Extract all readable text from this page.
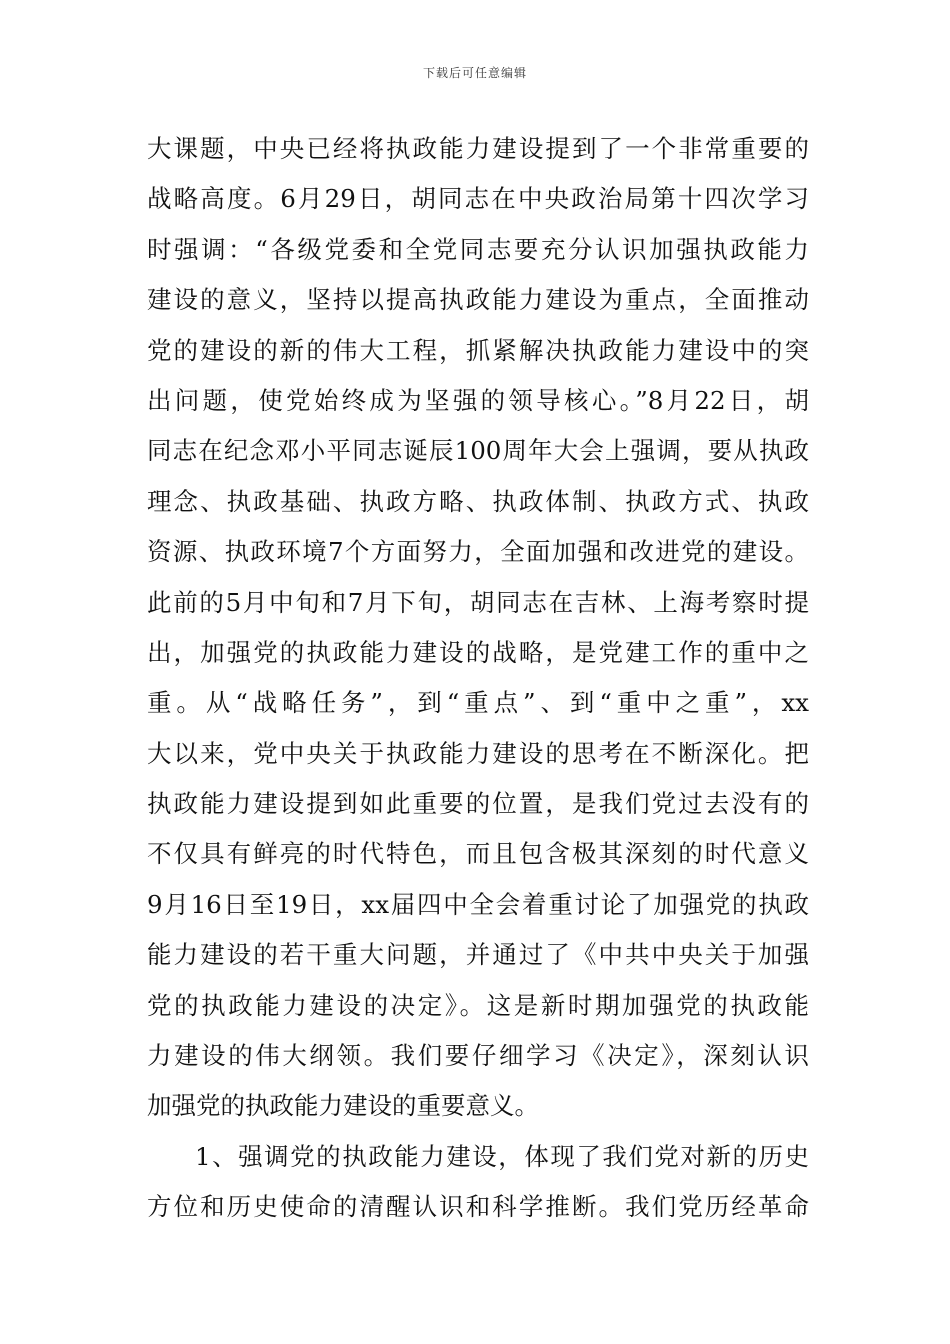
下载后可任意编辑
大课题，中央已经将执政能力建设提到了一个非常重要的
战略高度。6月29日，胡同志在中央政治局第十四次学习
时强调：“各级党委和全党同志要充分认识加强执政能力
建设的意义，坚持以提高执政能力建设为重点，全面推动
党的建设的新的伟大工程，抓紧解决执政能力建设中的突
出问题，使党始终成为坚强的领导核心。”8月22日，胡
同志在纪念邓小平同志诞辰100周年大会上强调，要从执政
理念、执政基础、执政方略、执政体制、执政方式、执政
资源、执政环境7个方面努力，全面加强和改进党的建设。
此前的5月中旬和7月下旬，胡同志在吉林、上海考察时提
出，加强党的执政能力建设的战略，是党建工作的重中之
重。从“战略任务”，到“重点”、到“重中之重”，xx
大以来，党中央关于执政能力建设的思考在不断深化。把
执政能力建设提到如此重要的位置，是我们党过去没有的
不仅具有鲜亮的时代特色，而且包含极其深刻的时代意义
9月16日至19日，xx届四中全会着重讨论了加强党的执政
能力建设的若干重大问题，并通过了《中共中央关于加强
党的执政能力建设的决定》。这是新时期加强党的执政能
力建设的伟大纲领。我们要仔细学习《决定》，深刻认识
加强党的执政能力建设的重要意义。
1、强调党的执政能力建设，体现了我们党对新的历史
方位和历史使命的清醒认识和科学推断。我们党历经革命
